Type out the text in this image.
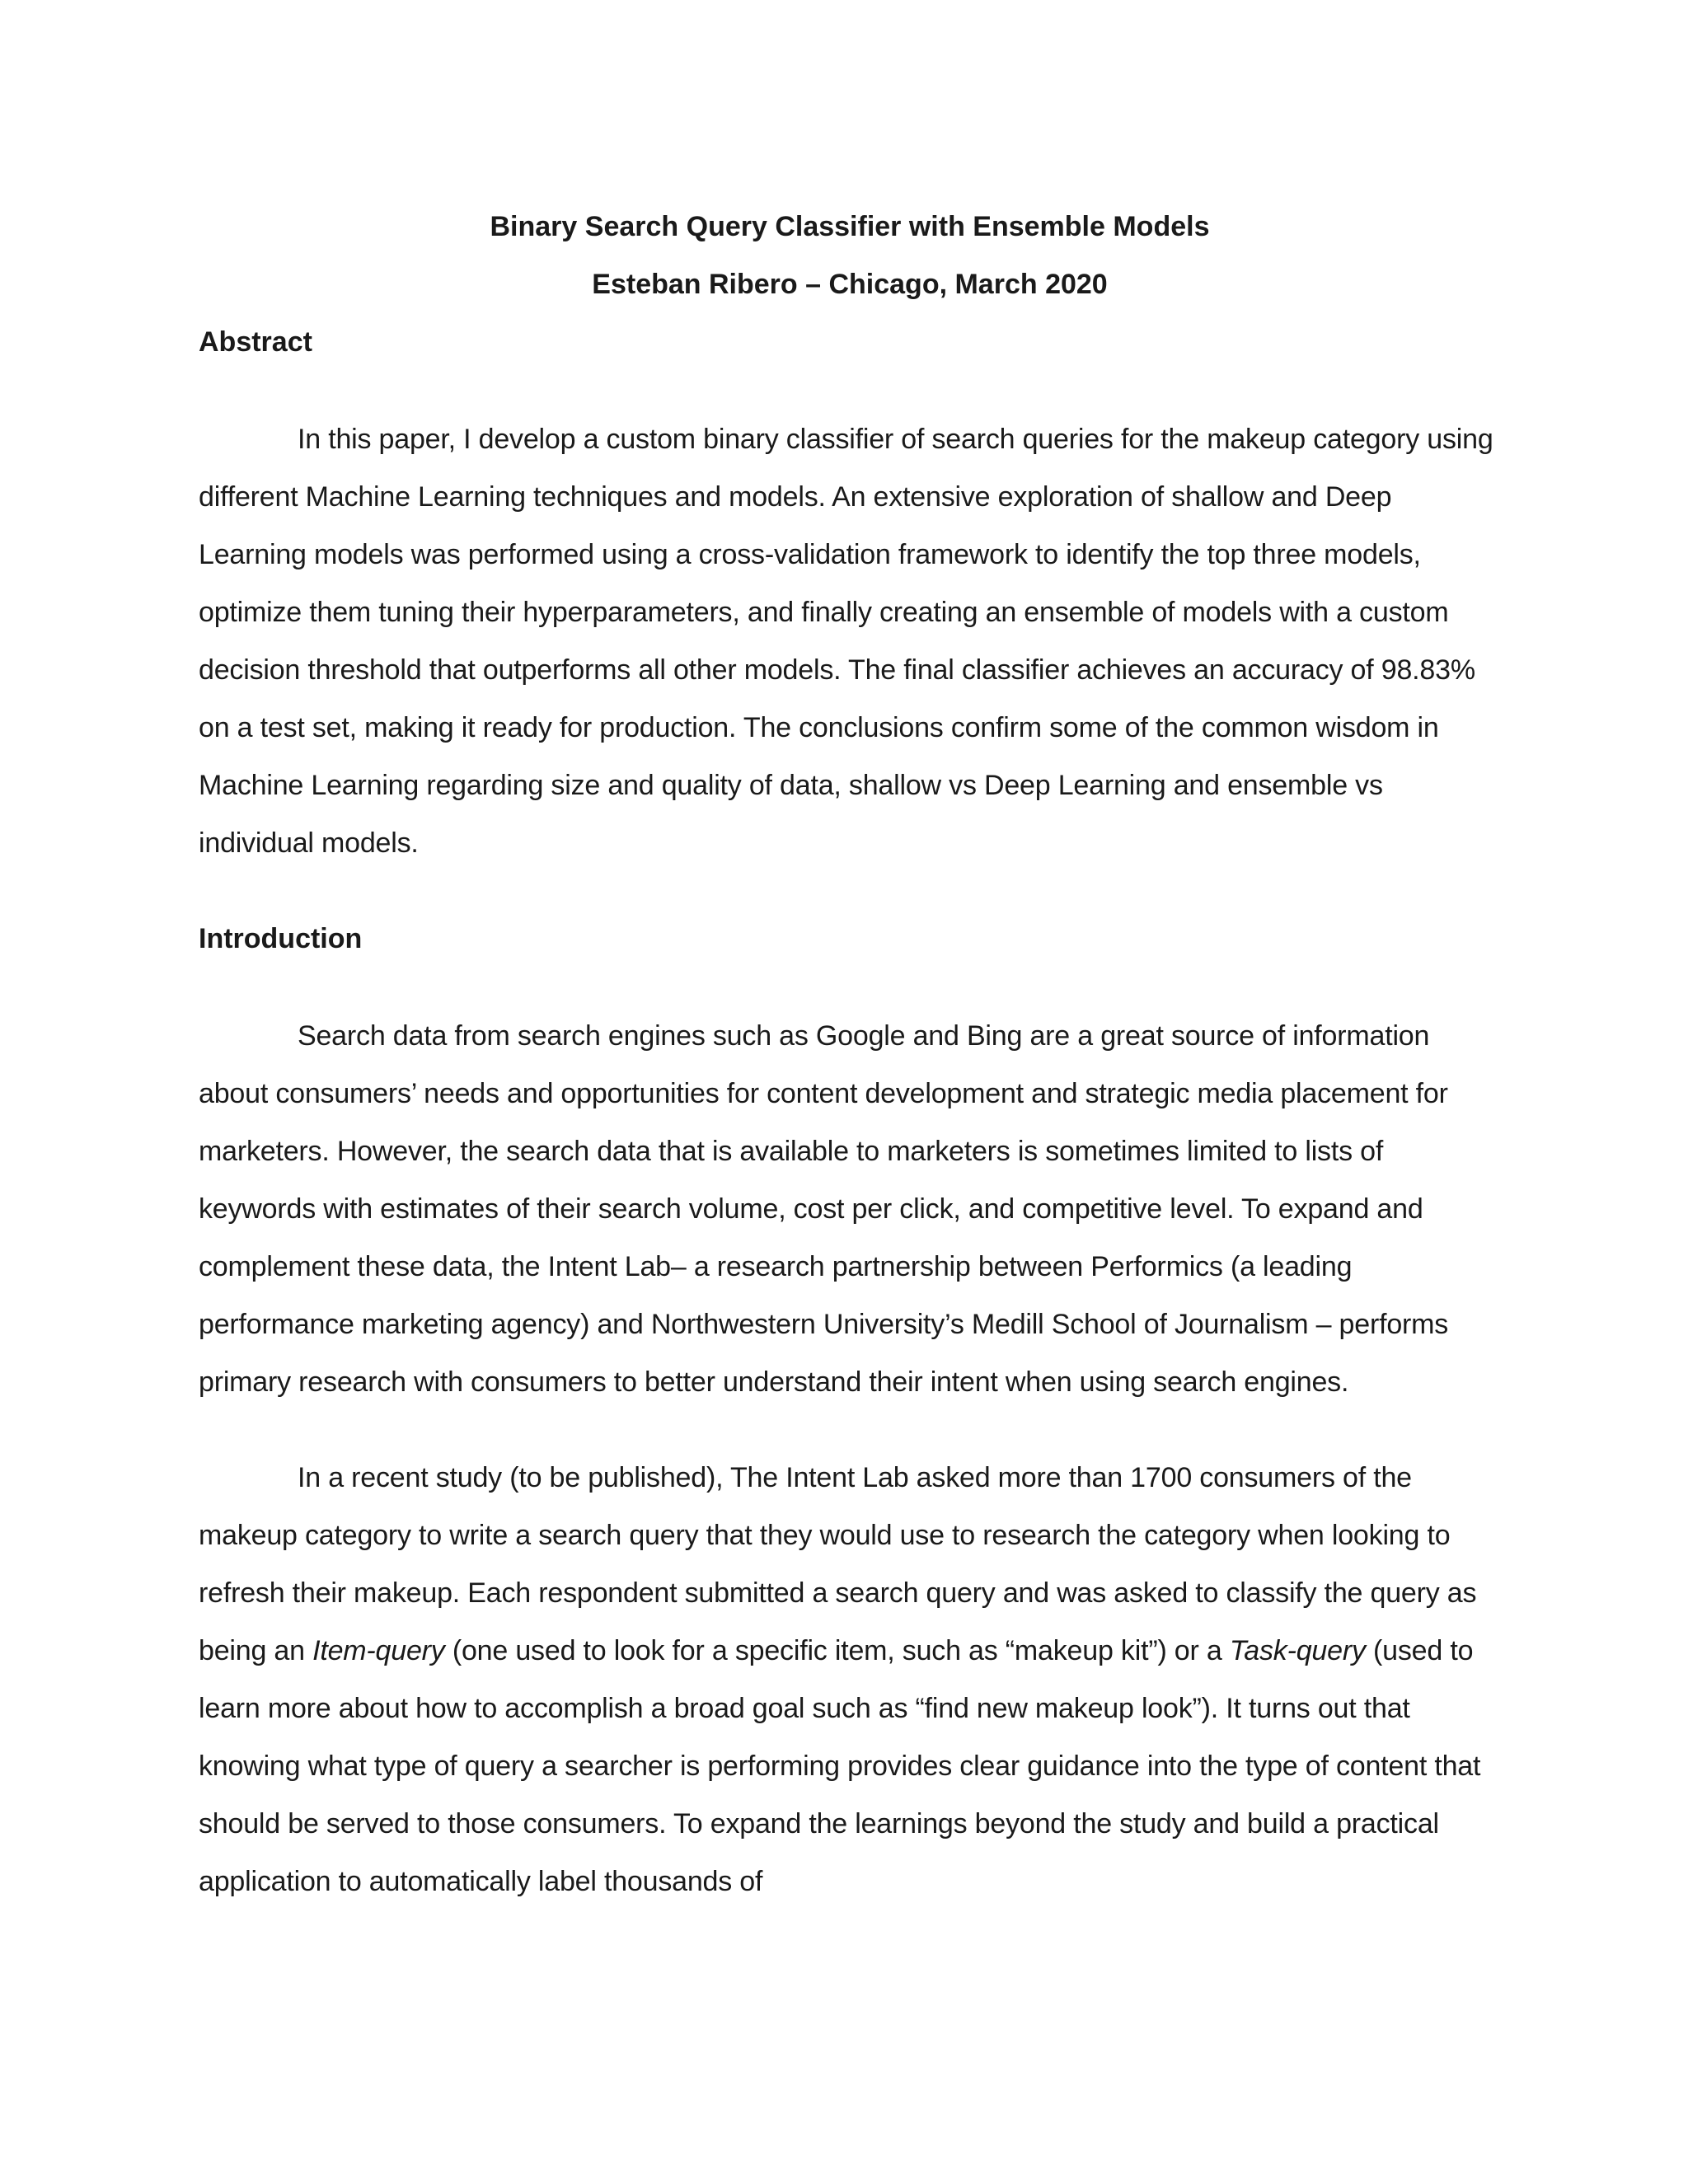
Binary Search Query Classifier with Ensemble Models

Esteban Ribero – Chicago, March 2020

Abstract

In this paper, I develop a custom binary classifier of search queries for the makeup category using different Machine Learning techniques and models. An extensive exploration of shallow and Deep Learning models was performed using a cross-validation framework to identify the top three models, optimize them tuning their hyperparameters, and finally creating an ensemble of models with a custom decision threshold that outperforms all other models. The final classifier achieves an accuracy of 98.83% on a test set, making it ready for production. The conclusions confirm some of the common wisdom in Machine Learning regarding size and quality of data, shallow vs Deep Learning and ensemble vs individual models.

Introduction

Search data from search engines such as Google and Bing are a great source of information about consumers’ needs and opportunities for content development and strategic media placement for marketers. However, the search data that is available to marketers is sometimes limited to lists of keywords with estimates of their search volume, cost per click, and competitive level. To expand and complement these data, the Intent Lab– a research partnership between Performics (a leading performance marketing agency) and Northwestern University’s Medill School of Journalism – performs primary research with consumers to better understand their intent when using search engines.

In a recent study (to be published), The Intent Lab asked more than 1700 consumers of the makeup category to write a search query that they would use to research the category when looking to refresh their makeup. Each respondent submitted a search query and was asked to classify the query as being an Item-query (one used to look for a specific item, such as “makeup kit”) or a Task-query (used to learn more about how to accomplish a broad goal such as “find new makeup look”). It turns out that knowing what type of query a searcher is performing provides clear guidance into the type of content that should be served to those consumers. To expand the learnings beyond the study and build a practical application to automatically label thousands of
